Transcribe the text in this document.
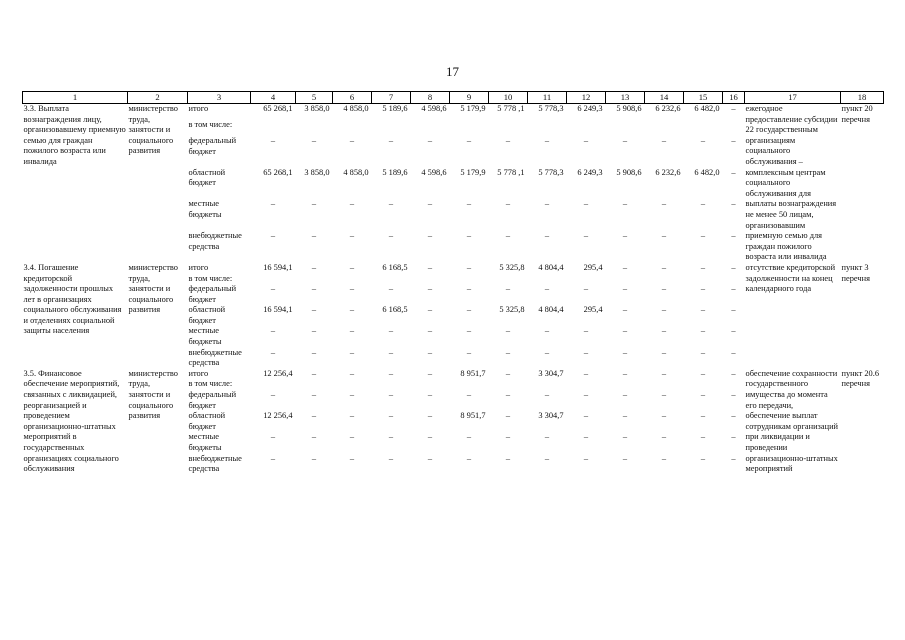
17
1	2	3	4	5	6	7	8	9	10	11	12	13	14	15	16	17	18
3.3. Выплата вознаграждения лицу, организовавшему приемную семью для граждан пожилого возраста или инвалида	министерство труда, занятости и социального развития	итого	65 268,1	3 858,0	4 858,0	5 189,6	4 598,6	5 179,9	5 778 ,1	5 778,3	6 249,3	5 908,6	6 232,6	6 482,0	–	ежегодное предоставление субсидии 22 государственным организациям социального обслуживания – комплексным центрам социального обслуживания для выплаты вознаграждения не менее 50 лицам, организовавшим приемную семью для граждан пожилого возраста или инвалида	пункт 20 перечня
		в том числе:															
		федеральный бюджет	–	–	–	–	–	–	–	–	–	–	–	–	–		
		областной бюджет	65 268,1	3 858,0	4 858,0	5 189,6	4 598,6	5 179,9	5 778 ,1	5 778,3	6 249,3	5 908,6	6 232,6	6 482,0	–		
		местные бюджеты	–	–	–	–	–	–	–	–	–	–	–	–	–		
		внебюджетные средства	–	–	–	–	–	–	–	–	–	–	–	–	–		
3.4. Погашение кредиторской задолженности прошлых лет в организациях социального обслуживания и отделениях социальной защиты населения	министерство труда, занятости и социального развития	итого	16 594,1	–	–	6 168,5	–	–	5 325,8	4 804,4	295,4	–	–	–	–	отсутствие кредиторской задолженности на конец календарного года	пункт 3 перечня
		в том числе:															
		федеральный бюджет	–	–	–	–	–	–	–	–	–	–	–	–	–		
		областной бюджет	16 594,1	–	–	6 168,5	–	–	5 325,8	4 804,4	295,4	–	–	–	–		
		местные бюджеты	–	–	–	–	–	–	–	–	–	–	–	–	–		
		внебюджетные средства	–	–	–	–	–	–	–	–	–	–	–	–	–		
3.5. Финансовое обеспечение мероприятий, связанных с ликвидацией, реорганизацией и проведением организационно-штатных мероприятий в государственных организациях социального обслуживания	министерство труда, занятости и социального развития	итого	12 256,4	–	–	–	–	8 951,7	–	3 304,7	–	–	–	–	–	обеспечение сохранности государственного имущества до момента его передачи, обеспечение выплат сотрудникам организаций при ликвидации и проведении организационно-штатных мероприятий	пункт 20.6 перечня
		в том числе:															
		федеральный бюджет	–	–	–	–	–	–	–	–	–	–	–	–	–		
		областной бюджет	12 256,4	–	–	–	–	8 951,7	–	3 304,7	–	–	–	–	–		
		местные бюджеты	–	–	–	–	–	–	–	–	–	–	–	–	–		
		внебюджетные средства	–	–	–	–	–	–	–	–	–	–	–	–	–		
